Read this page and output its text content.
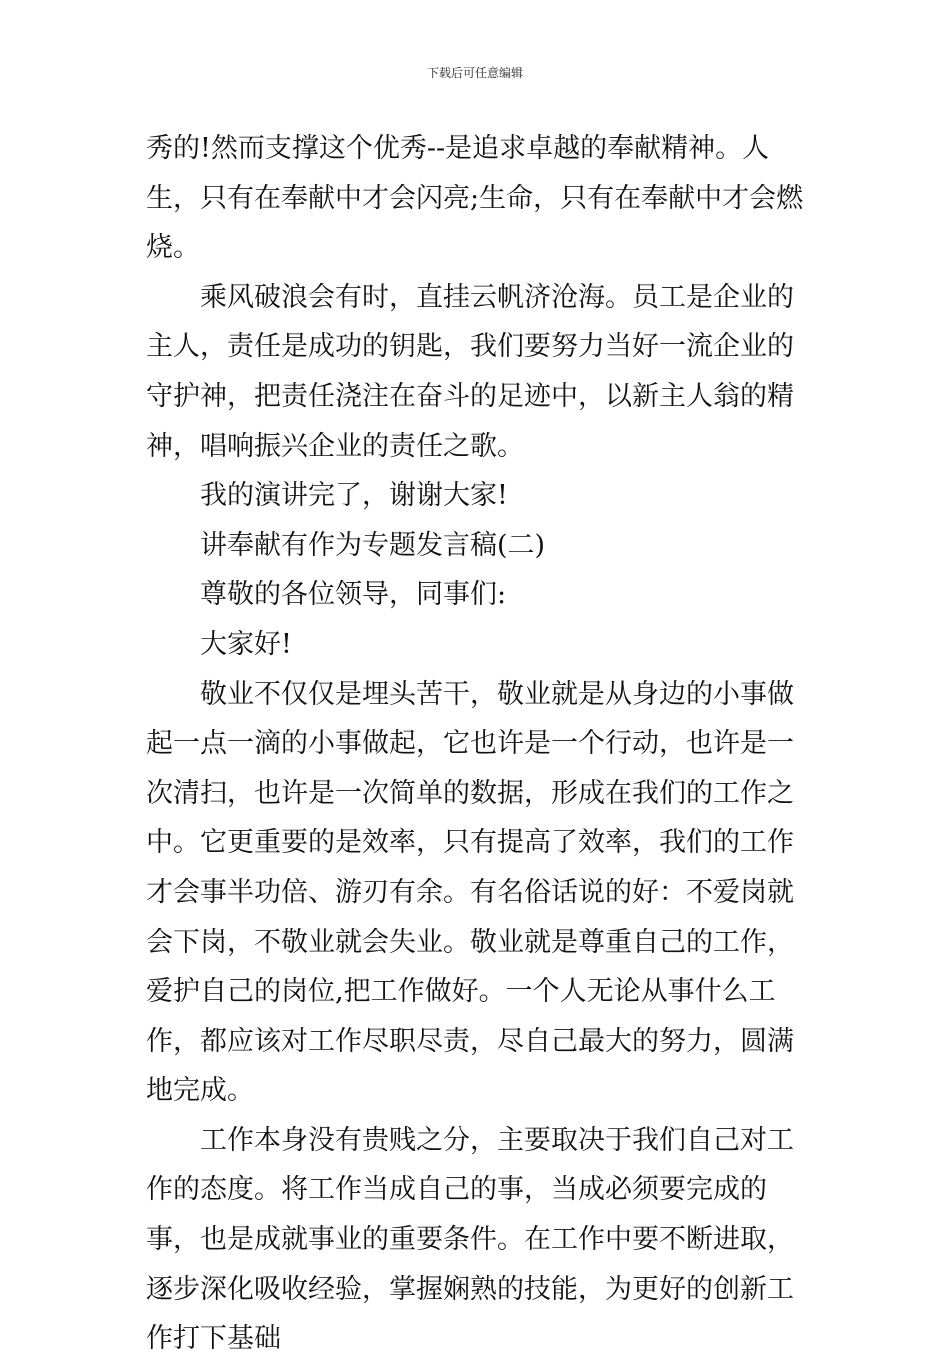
下载后可任意编辑

秀的!然而支撑这个优秀--是追求卓越的奉献精神。人生，只有在奉献中才会闪亮;生命，只有在奉献中才会燃烧。

乘风破浪会有时，直挂云帆济沧海。员工是企业的主人，责任是成功的钥匙，我们要努力当好一流企业的守护神，把责任浇注在奋斗的足迹中，以新主人翁的精神，唱响振兴企业的责任之歌。

我的演讲完了，谢谢大家!

讲奉献有作为专题发言稿(二)

尊敬的各位领导，同事们:

大家好!

敬业不仅仅是埋头苦干，敬业就是从身边的小事做起一点一滴的小事做起，它也许是一个行动，也许是一次清扫，也许是一次简单的数据，形成在我们的工作之中。它更重要的是效率，只有提高了效率，我们的工作才会事半功倍、游刃有余。有名俗话说的好：不爱岗就会下岗，不敬业就会失业。敬业就是尊重自己的工作，爱护自己的岗位,把工作做好。一个人无论从事什么工作，都应该对工作尽职尽责，尽自己最大的努力，圆满地完成。

工作本身没有贵贱之分，主要取决于我们自己对工作的态度。将工作当成自己的事，当成必须要完成的事，也是成就事业的重要条件。在工作中要不断进取，逐步深化吸收经验，掌握娴熟的技能，为更好的创新工作打下基础
